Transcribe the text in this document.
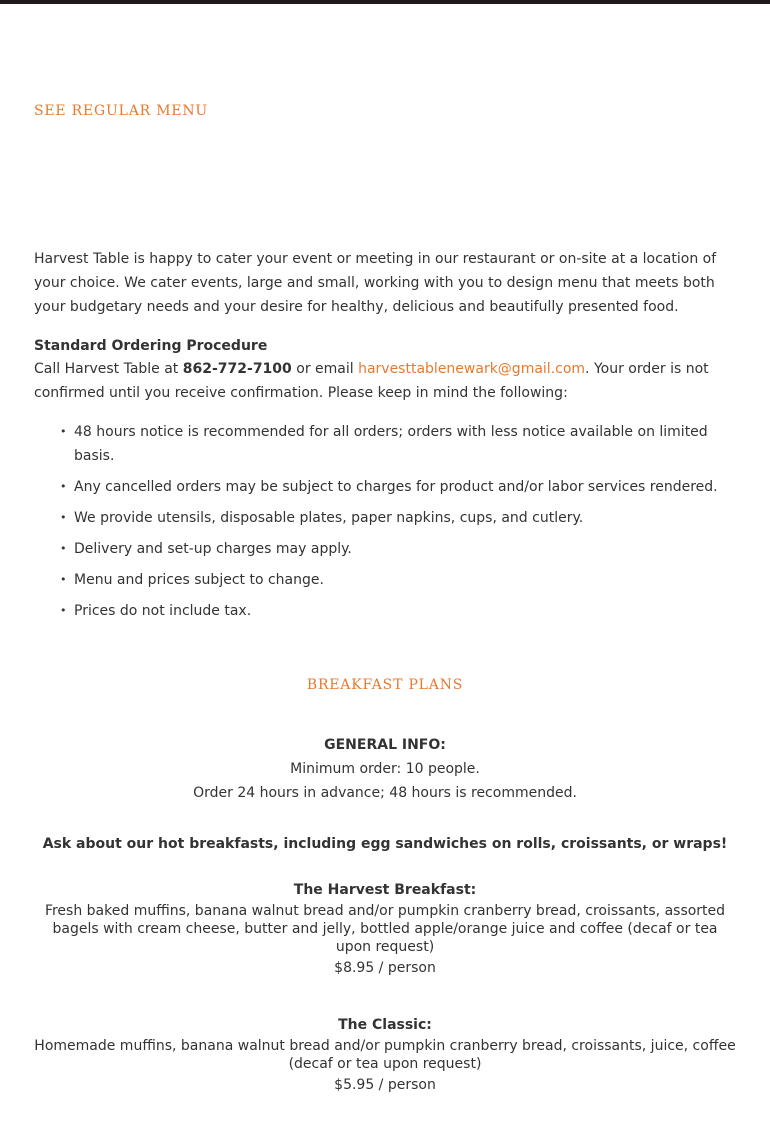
SEE REGULAR MENU

Harvest Table is happy to cater your event or meeting in our restaurant or on-site at a location of your choice. We cater events, large and small, working with you to design menu that meets both your budgetary needs and your desire for healthy, delicious and beautifully presented food.

Standard Ordering Procedure

Call Harvest Table at 862-772-7100 or email harvesttablenewark@gmail.com. Your order is not confirmed until you receive confirmation. Please keep in mind the following:

• 48 hours notice is recommended for all orders; orders with less notice available on limited basis.
• Any cancelled orders may be subject to charges for product and/or labor services rendered.
• We provide utensils, disposable plates, paper napkins, cups, and cutlery.
• Delivery and set-up charges may apply.
• Menu and prices subject to change.
• Prices do not include tax.
BREAKFAST PLANS
GENERAL INFO:
Minimum order: 10 people.
Order 24 hours in advance; 48 hours is recommended.
Ask about our hot breakfasts, including egg sandwiches on rolls, croissants, or wraps!
The Harvest Breakfast:
Fresh baked muffins, banana walnut bread and/or pumpkin cranberry bread, croissants, assorted bagels with cream cheese, butter and jelly, bottled apple/orange juice and coffee (decaf or tea upon request)
$8.95 / person
The Classic:
Homemade muffins, banana walnut bread and/or pumpkin cranberry bread, croissants, juice, coffee (decaf or tea upon request)
$5.95 / person
